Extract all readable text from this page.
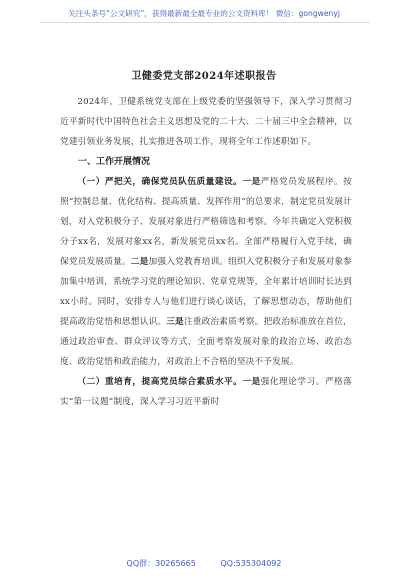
关注头条号“公文研究”，获得最新最全最专业的公文资料库！ 微信：gongwenyj
卫健委党支部2024年述职报告

2024年，卫健系统党支部在上级党委的坚强领导下，深入学习贯彻习近平新时代中国特色社会主义思想及党的二十大、二十届三中全会精神，以党建引领业务发展，扎实推进各项工作，现将全年工作述职如下。

一、工作开展情况

（一）严把关，确保党员队伍质量建设。一是严格党员发展程序。按照“控制总量、优化结构、提高质量、发挥作用”的总要求，制定党员发展计划，对入党积极分子、发展对象进行严格筛选和考察。今年共确定入党积极分子xx名，发展对象xx名，新发展党员xx名。全部严格履行入党手续，确保党员发展质量。二是加强入党教育培训。组织入党积极分子和发展对象参加集中培训，系统学习党的理论知识、党章党规等，全年累计培训时长达到xx小时。同时，安排专人与他们进行谈心谈话，了解思想动态，帮助他们提高政治觉悟和思想认识。三是注重政治素质考察。把政治标准放在首位，通过政治审查、群众评议等方式，全面考察发展对象的政治立场、政治态度、政治觉悟和政治能力，对政治上不合格的坚决不予发展。

（二）重培育，提高党员综合素质水平。一是强化理论学习。严格落实“第一议题”制度，深入学习习近平新时

QQ群：30265665	QQ:535304092
